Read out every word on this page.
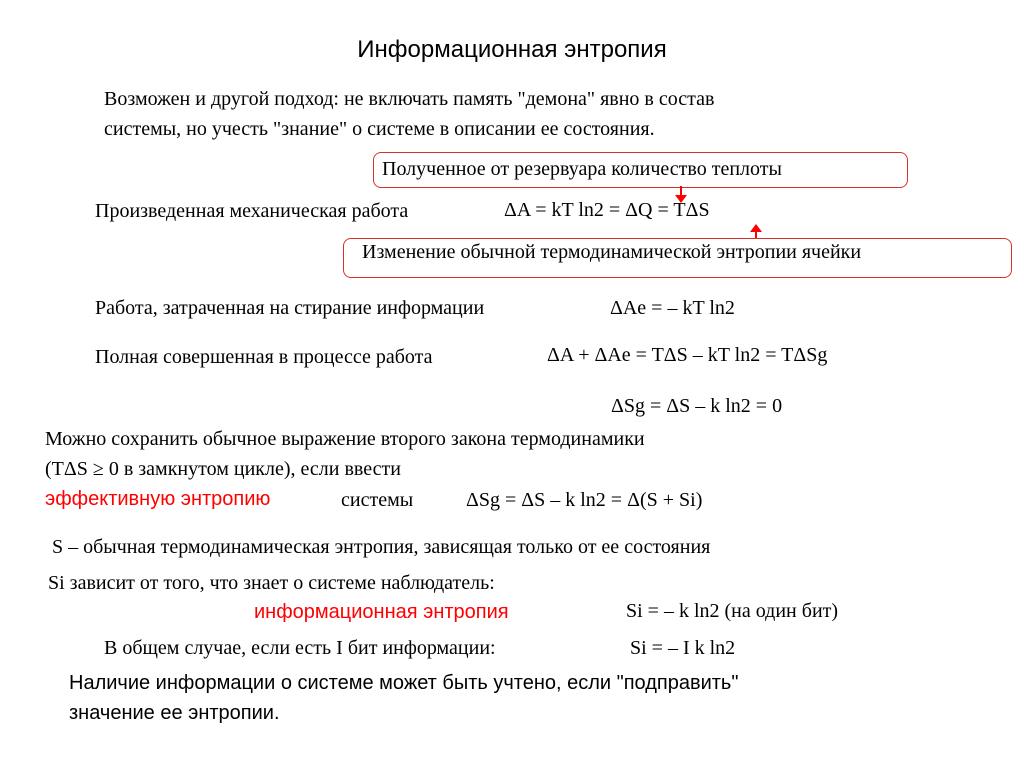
Информационная энтропия
Возможен и другой подход: не включать память "демона" явно в состав
системы, но учесть "знание" о системе в описании ее состояния.
Полученное от резервуара количество теплоты
Произведенная механическая работа	ΔA = kT ln2 = ΔQ = TΔS
Изменение обычной термодинамической энтропии ячейки
Работа, затраченная на стирание информации	ΔAe = – kT ln2
Полная совершенная в процессе работа	ΔA + ΔAe = TΔS – kT ln2 = TΔSg
ΔSg = ΔS – k ln2 = 0
Можно сохранить обычное выражение второго закона термодинамики
(TΔS ≥ 0 в замкнутом цикле), если ввести
эффективную энтропию	системы	ΔSg = ΔS – k ln2 = Δ(S + Si)
S – обычная термодинамическая энтропия, зависящая только от ее состояния
Si зависит от того, что знает о системе наблюдатель:
информационная энтропия	Si = – k ln2 (на один бит)
В общем случае, если есть I бит информации:	Si = – I k ln2
Наличие информации о системе может быть учтено, если "подправить"
значение ее энтропии.
